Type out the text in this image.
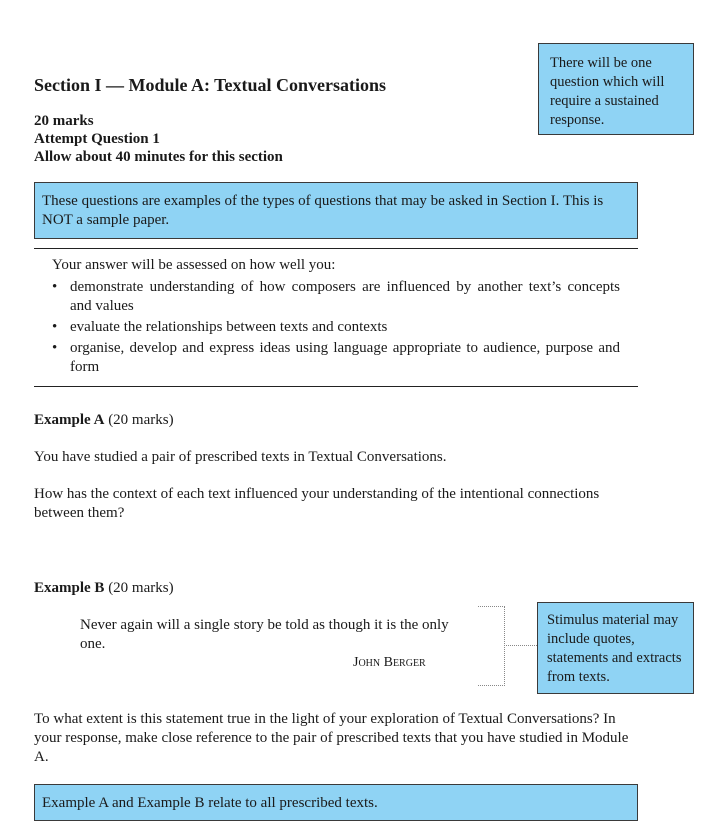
There will be one question which will require a sustained response.
Section I — Module A: Textual Conversations
20 marks
Attempt Question 1
Allow about 40 minutes for this section
These questions are examples of the types of questions that may be asked in Section I. This is NOT a sample paper.
Your answer will be assessed on how well you:
• demonstrate understanding of how composers are influenced by another text’s concepts and values
• evaluate the relationships between texts and contexts
• organise, develop and express ideas using language appropriate to audience, purpose and form
Example A (20 marks)
You have studied a pair of prescribed texts in Textual Conversations.
How has the context of each text influenced your understanding of the intentional connections between them?
Example B (20 marks)
Never again will a single story be told as though it is the only one.
John Berger
Stimulus material may include quotes, statements and extracts from texts.
To what extent is this statement true in the light of your exploration of Textual Conversations? In your response, make close reference to the pair of prescribed texts that you have studied in Module A.
Example A and Example B relate to all prescribed texts.
